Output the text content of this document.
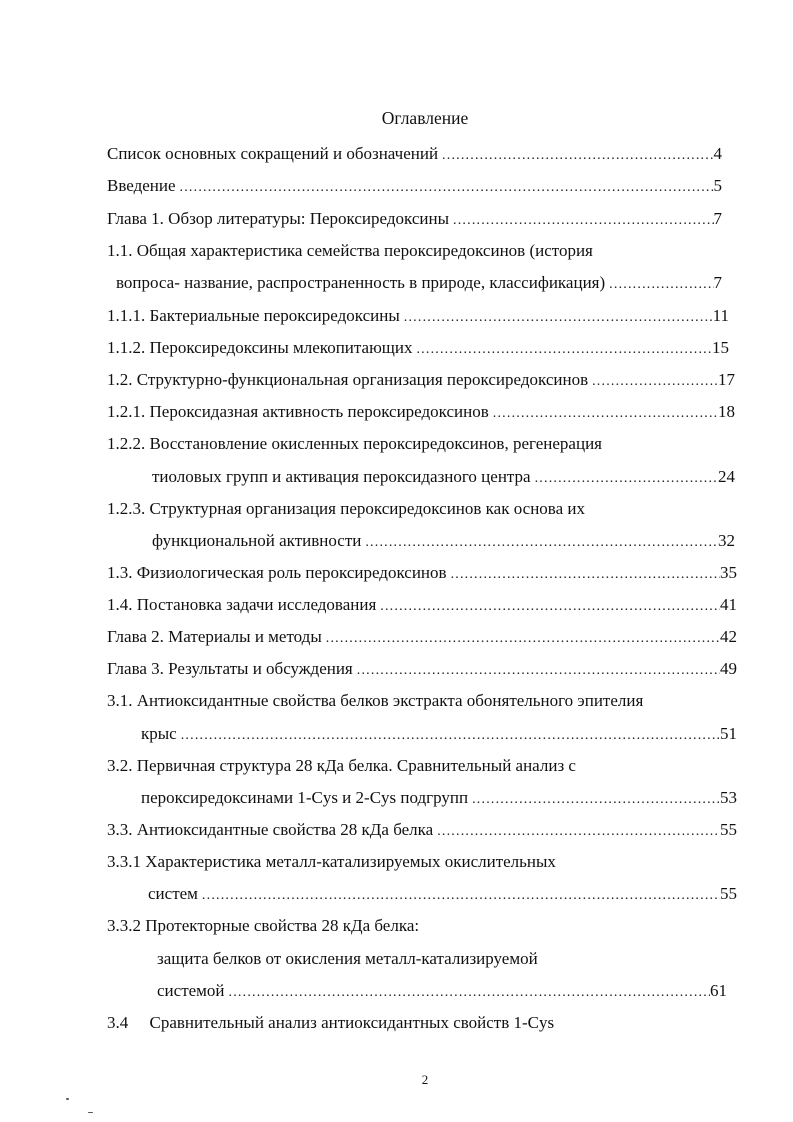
Оглавление
Список основных сокращений и обозначений .....	4
Введение .....	5
Глава 1. Обзор литературы: Пероксиредоксины .....	7
1.1. Общая характеристика семейства пероксиредоксинов (история
вопроса- название, распространенность в природе, классификация) .....	7
1.1.1. Бактериальные пероксиредоксины .....	11
1.1.2. Пероксиредоксины млекопитающих .....	15
1.2. Структурно-функциональная организация пероксиредоксинов .....	17
1.2.1. Пероксидазная активность пероксиредоксинов .....	18
1.2.2. Восстановление окисленных пероксиредоксинов, регенерация
тиоловых групп и активация пероксидазного центра .....	24
1.2.3. Структурная организация пероксиредоксинов как основа их
функциональной активности .....	32
1.3. Физиологическая роль пероксиредоксинов .....	35
1.4. Постановка задачи исследования .....	41
Глава 2. Материалы и методы .....	42
Глава 3. Результаты и обсуждения .....	49
3.1. Антиоксидантные свойства белков экстракта обонятельного эпителия
крыс .....	51
3.2. Первичная структура 28 кДа белка. Сравнительный анализ с
пероксиредоксинами 1-Cys и 2-Cys подгрупп .....	53
3.3. Антиоксидантные свойства 28 кДа белка .....	55
3.3.1 Характеристика металл-катализируемых окислительных
систем .....	55
3.3.2 Протекторные свойства 28 кДа белка:
защита белков от окисления металл-катализируемой
системой .....	61
3.4     Сравнительный анализ антиоксидантных свойств 1-Cys
2
